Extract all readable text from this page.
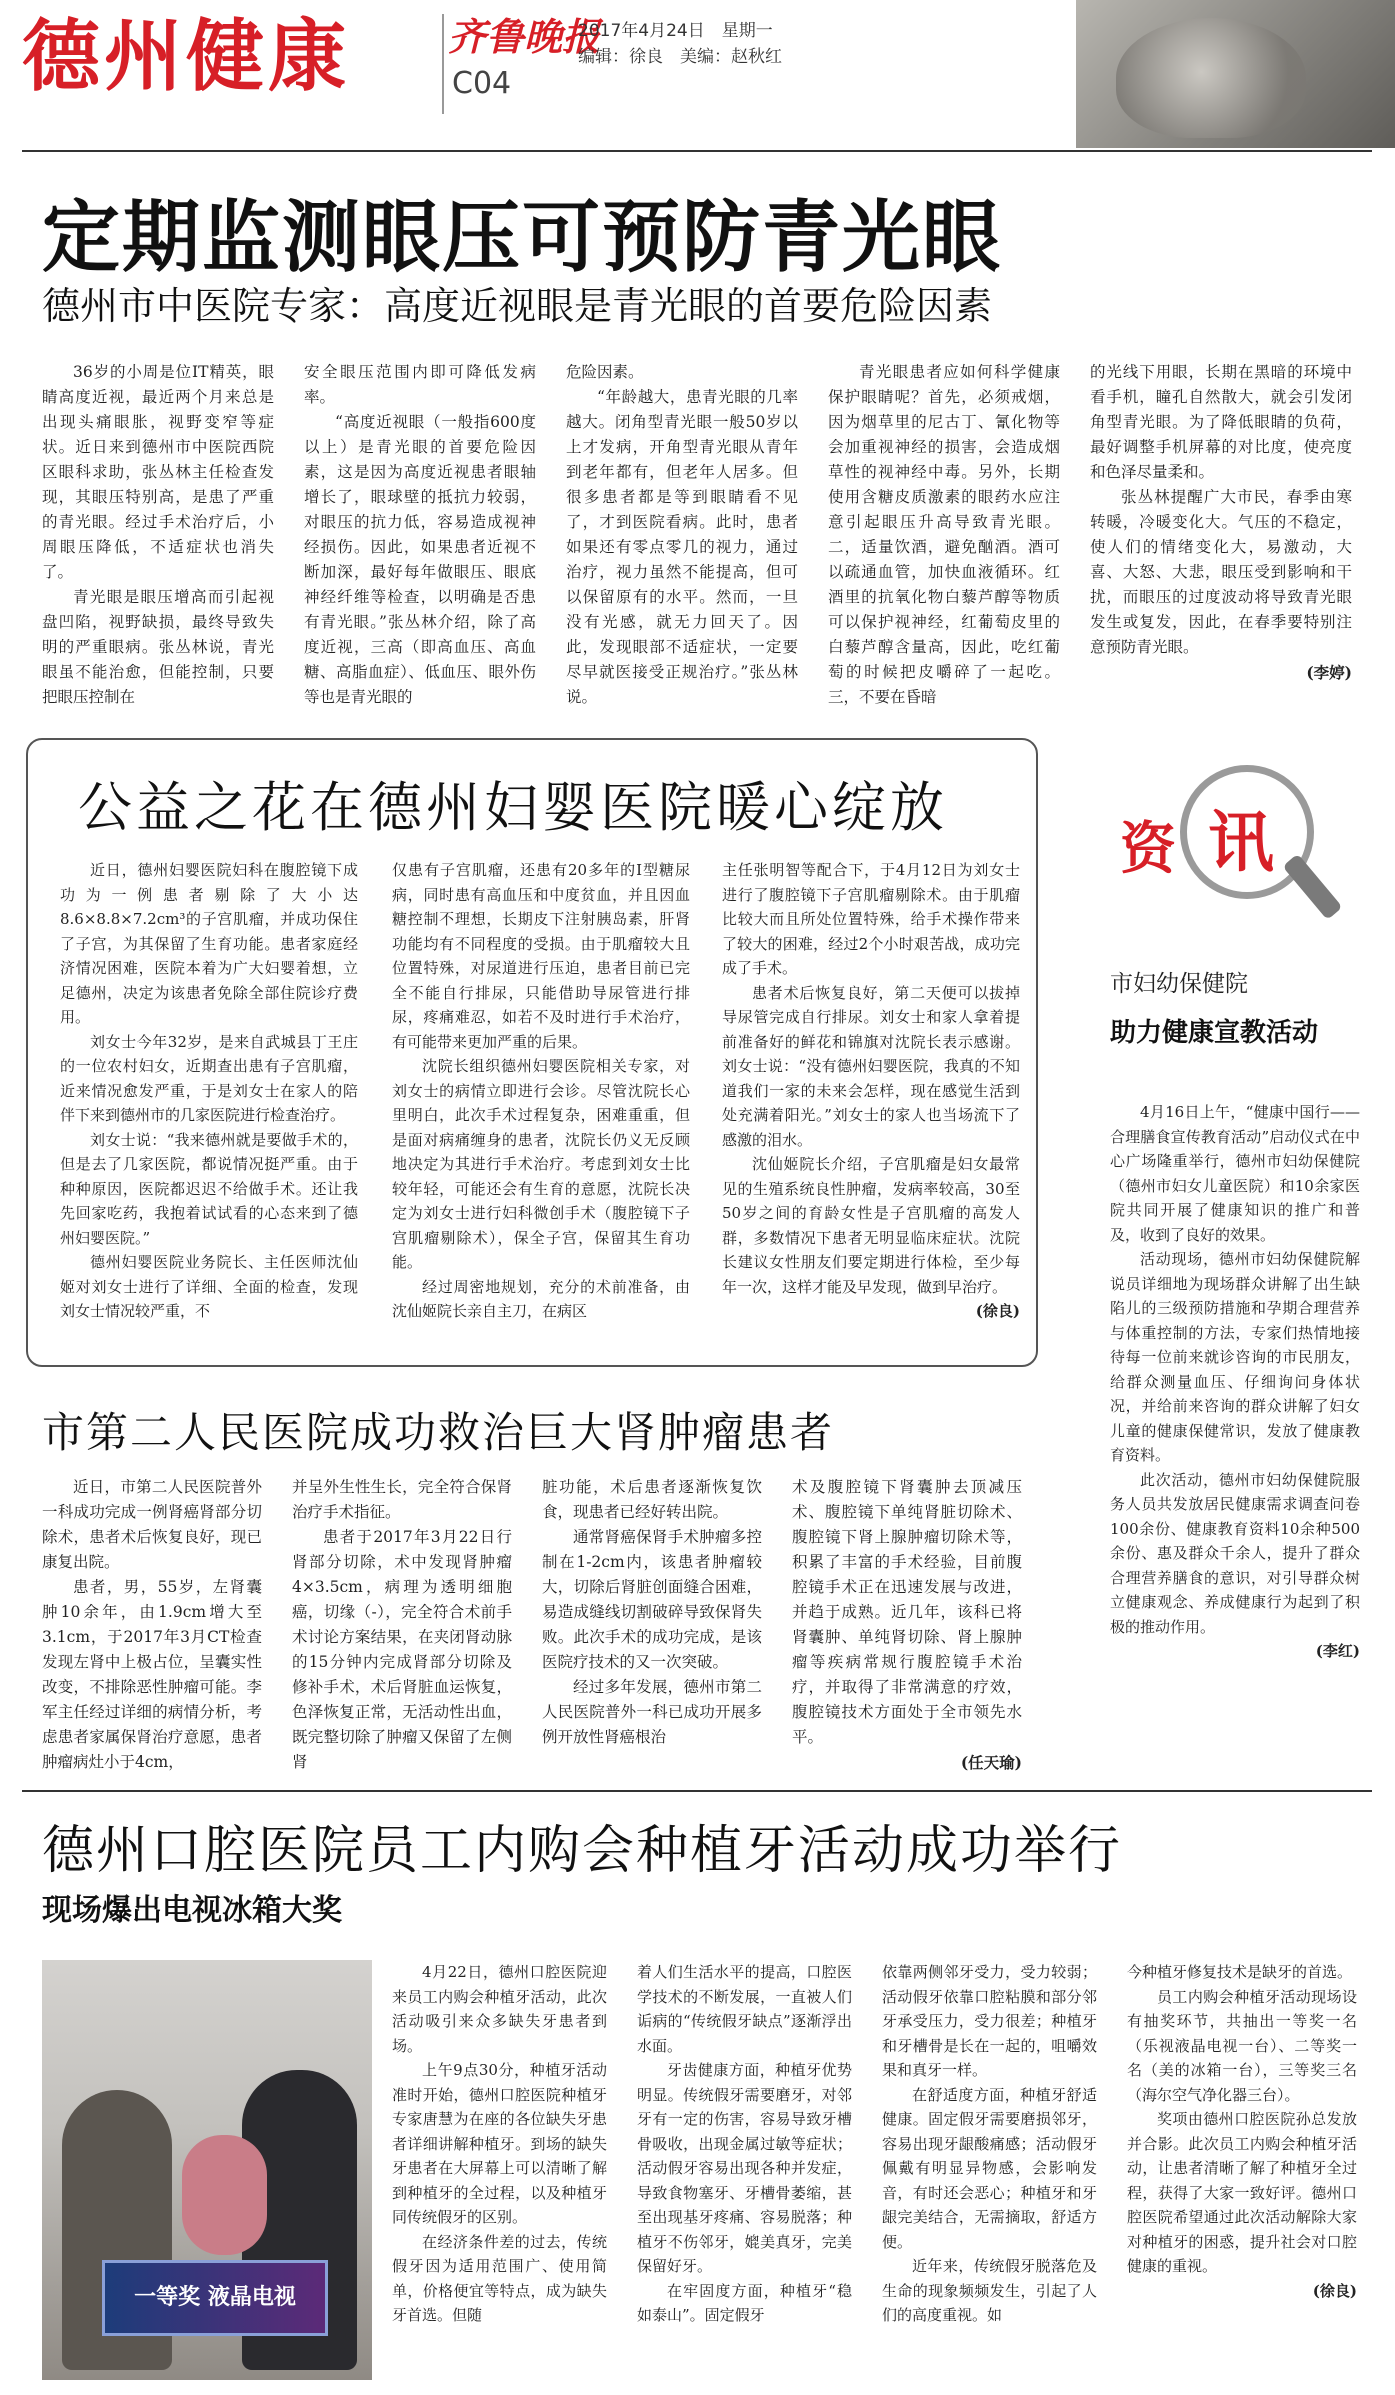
德州健康	齐鲁晚报
C04
2017年4月24日　星期一
编辑：徐良　美编：赵秋红
定期监测眼压可预防青光眼
德州市中医院专家：高度近视眼是青光眼的首要危险因素

36岁的小周是位IT精英，眼睛高度近视，最近两个月来总是出现头痛眼胀，视野变窄等症状。近日来到德州市中医院西院区眼科求助，张丛林主任检查发现，其眼压特别高，是患了严重的青光眼。经过手术治疗后，小周眼压降低，不适症状也消失了。

青光眼是眼压增高而引起视盘凹陷，视野缺损，最终导致失明的严重眼病。张丛林说，青光眼虽不能治愈，但能控制，只要把眼压控制在

安全眼压范围内即可降低发病率。

“高度近视眼（一般指600度以上）是青光眼的首要危险因素，这是因为高度近视患者眼轴增长了，眼球壁的抵抗力较弱，对眼压的抗力低，容易造成视神经损伤。因此，如果患者近视不断加深，最好每年做眼压、眼底神经纤维等检查，以明确是否患有青光眼。”张丛林介绍，除了高度近视，三高（即高血压、高血糖、高脂血症）、低血压、眼外伤等也是青光眼的

危险因素。

“年龄越大，患青光眼的几率越大。闭角型青光眼一般50岁以上才发病，开角型青光眼从青年到老年都有，但老年人居多。但很多患者都是等到眼睛看不见了，才到医院看病。此时，患者如果还有零点零几的视力，通过治疗，视力虽然不能提高，但可以保留原有的水平。然而，一旦没有光感，就无力回天了。因此，发现眼部不适症状，一定要尽早就医接受正规治疗。”张丛林说。

青光眼患者应如何科学健康保护眼睛呢？首先，必须戒烟，因为烟草里的尼古丁、氰化物等会加重视神经的损害，会造成烟草性的视神经中毒。另外，长期使用含糖皮质激素的眼药水应注意引起眼压升高导致青光眼。二，适量饮酒，避免酗酒。酒可以疏通血管，加快血液循环。红酒里的抗氧化物白藜芦醇等物质可以保护视神经，红葡萄皮里的白藜芦醇含量高，因此，吃红葡萄的时候把皮嚼碎了一起吃。三，不要在昏暗

的光线下用眼，长期在黑暗的环境中看手机，瞳孔自然散大，就会引发闭角型青光眼。为了降低眼睛的负荷，最好调整手机屏幕的对比度，使亮度和色泽尽量柔和。

张丛林提醒广大市民，春季由寒转暖，冷暖变化大。气压的不稳定，使人们的情绪变化大，易激动，大喜、大怒、大悲，眼压受到影响和干扰，而眼压的过度波动将导致青光眼发生或复发，因此，在春季要特别注意预防青光眼。

(李婷)
公益之花在德州妇婴医院暖心绽放

近日，德州妇婴医院妇科在腹腔镜下成功为一例患者剔除了大小达8.6×8.8×7.2cm³的子宫肌瘤，并成功保住了子宫，为其保留了生育功能。患者家庭经济情况困难，医院本着为广大妇婴着想，立足德州，决定为该患者免除全部住院诊疗费用。

刘女士今年32岁，是来自武城县丁王庄的一位农村妇女，近期查出患有子宫肌瘤，近来情况愈发严重，于是刘女士在家人的陪伴下来到德州市的几家医院进行检查治疗。

刘女士说：“我来德州就是要做手术的，但是去了几家医院，都说情况挺严重。由于种种原因，医院都迟迟不给做手术。还让我先回家吃药，我抱着试试看的心态来到了德州妇婴医院。”

德州妇婴医院业务院长、主任医师沈仙姬对刘女士进行了详细、全面的检查，发现刘女士情况较严重，不

仅患有子宫肌瘤，还患有20多年的I型糖尿病，同时患有高血压和中度贫血，并且因血糖控制不理想，长期皮下注射胰岛素，肝肾功能均有不同程度的受损。由于肌瘤较大且位置特殊，对尿道进行压迫，患者目前已完全不能自行排尿，只能借助导尿管进行排尿，疼痛难忍，如若不及时进行手术治疗，有可能带来更加严重的后果。

沈院长组织德州妇婴医院相关专家，对刘女士的病情立即进行会诊。尽管沈院长心里明白，此次手术过程复杂，困难重重，但是面对病痛缠身的患者，沈院长仍义无反顾地决定为其进行手术治疗。考虑到刘女士比较年轻，可能还会有生育的意愿，沈院长决定为刘女士进行妇科微创手术（腹腔镜下子宫肌瘤剔除术），保全子宫，保留其生育功能。

经过周密地规划，充分的术前准备，由沈仙姬院长亲自主刀，在病区

主任张明智等配合下，于4月12日为刘女士进行了腹腔镜下子宫肌瘤剔除术。由于肌瘤比较大而且所处位置特殊，给手术操作带来了较大的困难，经过2个小时艰苦战，成功完成了手术。

患者术后恢复良好，第二天便可以拔掉导尿管完成自行排尿。刘女士和家人拿着提前准备好的鲜花和锦旗对沈院长表示感谢。刘女士说：“没有德州妇婴医院，我真的不知道我们一家的未来会怎样，现在感觉生活到处充满着阳光。”刘女士的家人也当场流下了感激的泪水。

沈仙姬院长介绍，子宫肌瘤是妇女最常见的生殖系统良性肿瘤，发病率较高，30至50岁之间的育龄女性是子宫肌瘤的高发人群，多数情况下患者无明显临床症状。沈院长建议女性朋友们要定期进行体检，至少每年一次，这样才能及早发现，做到早治疗。

(徐良)
资 讯
市妇幼保健院
助力健康宣教活动

4月16日上午，“健康中国行——合理膳食宣传教育活动”启动仪式在中心广场隆重举行，德州市妇幼保健院（德州市妇女儿童医院）和10余家医院共同开展了健康知识的推广和普及，收到了良好的效果。

活动现场，德州市妇幼保健院解说员详细地为现场群众讲解了出生缺陷儿的三级预防措施和孕期合理营养与体重控制的方法，专家们热情地接待每一位前来就诊咨询的市民朋友，给群众测量血压、仔细询问身体状况，并给前来咨询的群众讲解了妇女儿童的健康保健常识，发放了健康教育资料。

此次活动，德州市妇幼保健院服务人员共发放居民健康需求调查问卷100余份、健康教育资料10余种500余份、惠及群众千余人，提升了群众合理营养膳食的意识，对引导群众树立健康观念、养成健康行为起到了积极的推动作用。

(李红)
市第二人民医院成功救治巨大肾肿瘤患者

近日，市第二人民医院普外一科成功完成一例肾癌肾部分切除术，患者术后恢复良好，现已康复出院。

患者，男，55岁，左肾囊肿10余年，由1.9cm增大至3.1cm，于2017年3月CT检查发现左肾中上极占位，呈囊实性改变，不排除恶性肿瘤可能。李军主任经过详细的病情分析，考虑患者家属保肾治疗意愿，患者肿瘤病灶小于4cm，

并呈外生性生长，完全符合保肾治疗手术指征。

患者于2017年3月22日行肾部分切除，术中发现肾肿瘤4×3.5cm，病理为透明细胞癌，切缘（-），完全符合术前手术讨论方案结果，在夹闭肾动脉的15分钟内完成肾部分切除及修补手术，术后肾脏血运恢复，色泽恢复正常，无活动性出血，既完整切除了肿瘤又保留了左侧肾

脏功能，术后患者逐渐恢复饮食，现患者已经好转出院。

通常肾癌保肾手术肿瘤多控制在1-2cm内，该患者肿瘤较大，切除后肾脏创面缝合困难，易造成缝线切割破碎导致保肾失败。此次手术的成功完成，是该医院疗技术的又一次突破。

经过多年发展，德州市第二人民医院普外一科已成功开展多例开放性肾癌根治

术及腹腔镜下肾囊肿去顶减压术、腹腔镜下单纯肾脏切除术、腹腔镜下肾上腺肿瘤切除术等，积累了丰富的手术经验，目前腹腔镜手术正在迅速发展与改进，并趋于成熟。近几年，该科已将肾囊肿、单纯肾切除、肾上腺肿瘤等疾病常规行腹腔镜手术治疗，并取得了非常满意的疗效，腹腔镜技术方面处于全市领先水平。

(任天瑜)
德州口腔医院员工内购会种植牙活动成功举行
现场爆出电视冰箱大奖
一等奖 液晶电视

4月22日，德州口腔医院迎来员工内购会种植牙活动，此次活动吸引来众多缺失牙患者到场。

上午9点30分，种植牙活动准时开始，德州口腔医院种植牙专家唐慧为在座的各位缺失牙患者详细讲解种植牙。到场的缺失牙患者在大屏幕上可以清晰了解到种植牙的全过程，以及种植牙同传统假牙的区别。

在经济条件差的过去，传统假牙因为适用范围广、使用简单，价格便宜等特点，成为缺失牙首选。但随

着人们生活水平的提高，口腔医学技术的不断发展，一直被人们诟病的“传统假牙缺点”逐渐浮出水面。

牙齿健康方面，种植牙优势明显。传统假牙需要磨牙，对邻牙有一定的伤害，容易导致牙槽骨吸收，出现金属过敏等症状；活动假牙容易出现各种并发症，导致食物塞牙、牙槽骨萎缩，甚至出现基牙疼痛、容易脱落；种植牙不伤邻牙，媲美真牙，完美保留好牙。

在牢固度方面，种植牙“稳如泰山”。固定假牙

依靠两侧邻牙受力，受力较弱；活动假牙依靠口腔粘膜和部分邻牙承受压力，受力很差；种植牙和牙槽骨是长在一起的，咀嚼效果和真牙一样。

在舒适度方面，种植牙舒适健康。固定假牙需要磨损邻牙，容易出现牙龈酸痛感；活动假牙佩戴有明显异物感，会影响发音，有时还会恶心；种植牙和牙龈完美结合，无需摘取，舒适方便。

近年来，传统假牙脱落危及生命的现象频频发生，引起了人们的高度重视。如

今种植牙修复技术是缺牙的首选。

员工内购会种植牙活动现场设有抽奖环节，共抽出一等奖一名（乐视液晶电视一台）、二等奖一名（美的冰箱一台），三等奖三名（海尔空气净化器三台）。

奖项由德州口腔医院孙总发放并合影。此次员工内购会种植牙活动，让患者清晰了解了种植牙全过程，获得了大家一致好评。德州口腔医院希望通过此次活动解除大家对种植牙的困惑，提升社会对口腔健康的重视。

(徐良)
